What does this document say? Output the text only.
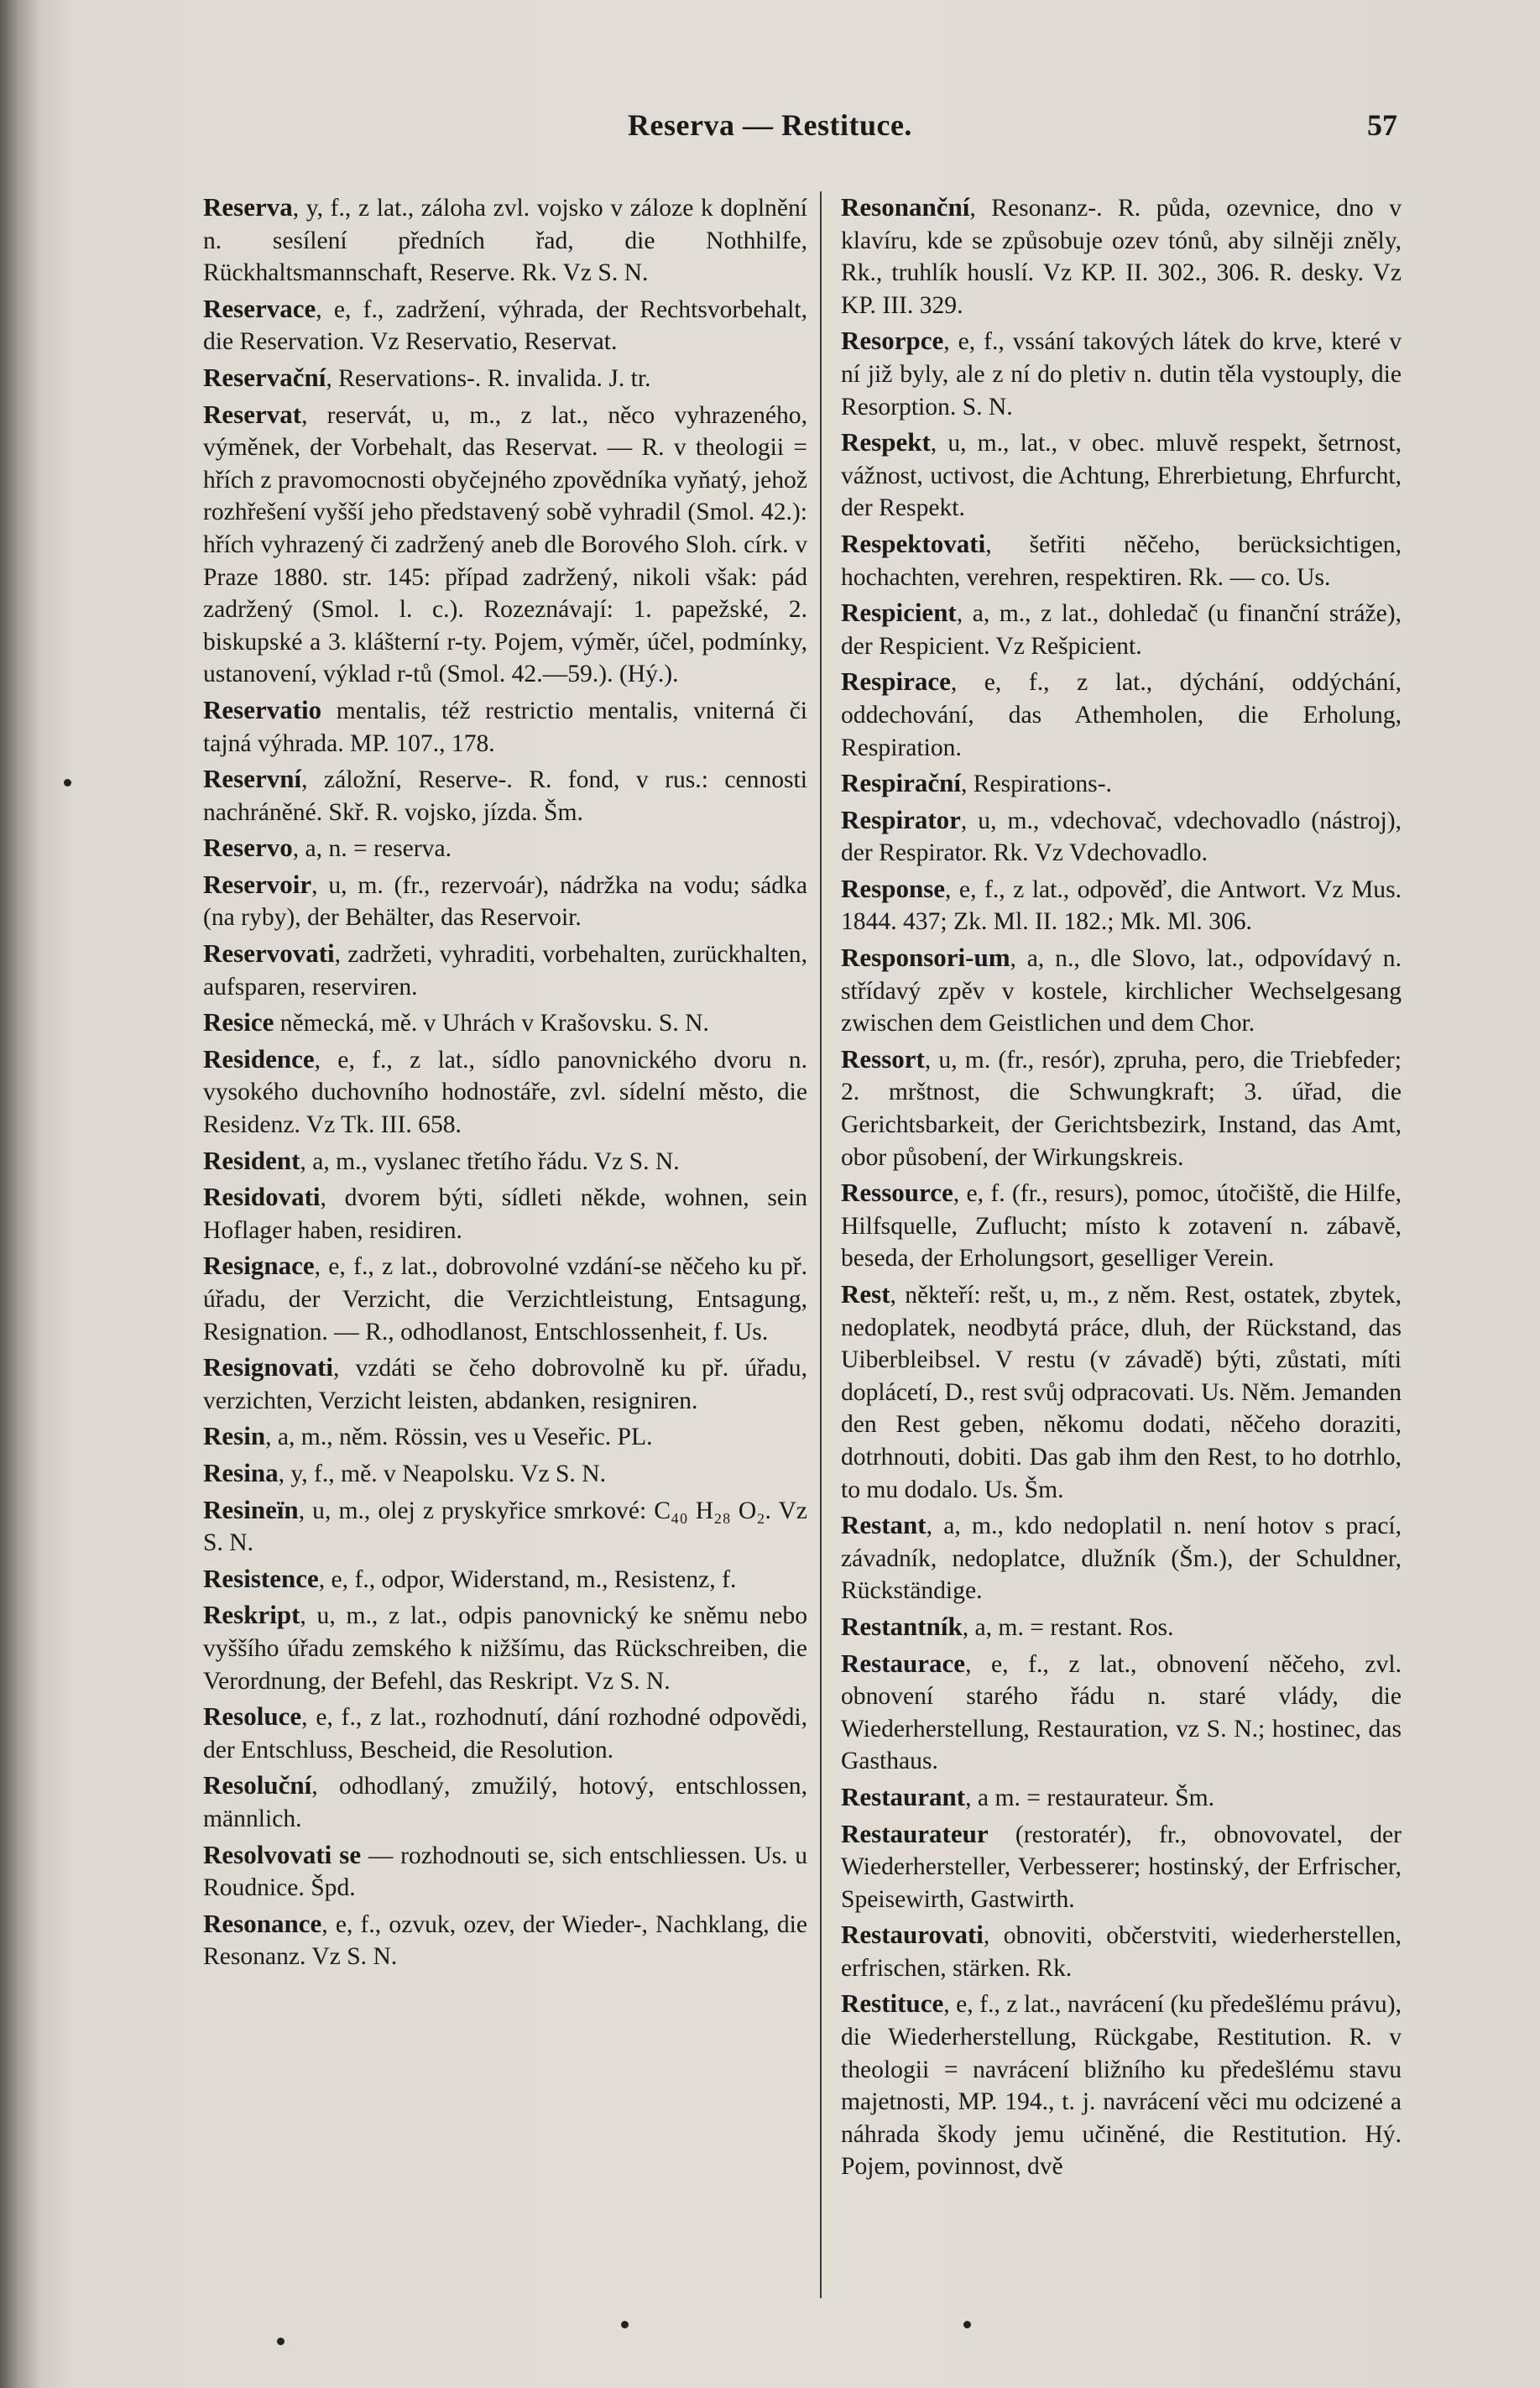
Reserva — Restituce.	57

Reserva, y, f., z lat., záloha zvl. vojsko v záloze k doplnění n. sesílení předních řad, die Nothhilfe, Rückhaltsmannschaft, Reserve. Rk. Vz S. N.

Reservace, e, f., zadržení, výhrada, der Rechtsvorbehalt, die Reservation. Vz Reservatio, Reservat.

Reservační, Reservations-. R. invalida. J. tr.

Reservat, reservát, u, m., z lat., něco vyhrazeného, výměnek, der Vorbehalt, das Reservat. — R. v theologii = hřích z pravomocnosti obyčejného zpovědníka vyňatý, jehož rozhřešení vyšší jeho představený sobě vyhradil (Smol. 42.): hřích vyhrazený či zadržený aneb dle Borového Sloh. círk. v Praze 1880. str. 145: případ zadržený, nikoli však: pád zadržený (Smol. l. c.). Rozeznávají: 1. papežské, 2. biskupské a 3. klášterní r-ty. Pojem, výměr, účel, podmínky, ustanovení, výklad r-tů (Smol. 42.—59.). (Hý.).

Reservatio mentalis, též restrictio mentalis, vniterná či tajná výhrada. MP. 107., 178.

Reservní, záložní, Reserve-. R. fond, v rus.: cennosti nachráněné. Skř. R. vojsko, jízda. Šm.

Reservo, a, n. = reserva.

Reservoir, u, m. (fr., rezervoár), nádržka na vodu; sádka (na ryby), der Behälter, das Reservoir.

Reservovati, zadržeti, vyhraditi, vorbehalten, zurückhalten, aufsparen, reserviren.

Resice německá, mě. v Uhrách v Krašovsku. S. N.

Residence, e, f., z lat., sídlo panovnického dvoru n. vysokého duchovního hodnostáře, zvl. sídelní město, die Residenz. Vz Tk. III. 658.

Resident, a, m., vyslanec třetího řádu. Vz S. N.

Residovati, dvorem býti, sídleti někde, wohnen, sein Hoflager haben, residiren.

Resignace, e, f., z lat., dobrovolné vzdání-se něčeho ku př. úřadu, der Verzicht, die Verzichtleistung, Entsagung, Resignation. — R., odhodlanost, Entschlossenheit, f. Us.

Resignovati, vzdáti se čeho dobrovolně ku př. úřadu, verzichten, Verzicht leisten, abdanken, resigniren.

Resin, a, m., něm. Rössin, ves u Veseřic. PL.

Resina, y, f., mě. v Neapolsku. Vz S. N.

Resineïn, u, m., olej z pryskyřice smrkové: C₄₀ H₂₈ O₂. Vz S. N.

Resistence, e, f., odpor, Widerstand, m., Resistenz, f.

Reskript, u, m., z lat., odpis panovnický ke sněmu nebo vyššího úřadu zemského k nižšímu, das Rückschreiben, die Verordnung, der Befehl, das Reskript. Vz S. N.

Resoluce, e, f., z lat., rozhodnutí, dání rozhodné odpovědi, der Entschluss, Bescheid, die Resolution.

Resoluční, odhodlaný, zmužilý, hotový, entschlossen, männlich.

Resolvovati se — rozhodnouti se, sich entschliessen. Us. u Roudnice. Špd.

Resonance, e, f., ozvuk, ozev, der Wieder-, Nachklang, die Resonanz. Vz S. N.

Resonanční, Resonanz-. R. půda, ozevnice, dno v klavíru, kde se způsobuje ozev tónů, aby silněji zněly, Rk., truhlík houslí. Vz KP. II. 302., 306. R. desky. Vz KP. III. 329.

Resorpce, e, f., vssání takových látek do krve, které v ní již byly, ale z ní do pletiv n. dutin těla vystouply, die Resorption. S. N.

Respekt, u, m., lat., v obec. mluvě respekt, šetrnost, vážnost, uctivost, die Achtung, Ehrerbietung, Ehrfurcht, der Respekt.

Respektovati, šetřiti něčeho, berücksichtigen, hochachten, verehren, respektiren. Rk. — co. Us.

Respicient, a, m., z lat., dohledač (u finanční stráže), der Respicient. Vz Rešpicient.

Respirace, e, f., z lat., dýchání, oddýchání, oddechování, das Athemholen, die Erholung, Respiration.

Respirační, Respirations-.

Respirator, u, m., vdechovač, vdechovadlo (nástroj), der Respirator. Rk. Vz Vdechovadlo.

Response, e, f., z lat., odpověď, die Antwort. Vz Mus. 1844. 437; Zk. Ml. II. 182.; Mk. Ml. 306.

Responsori-um, a, n., dle Slovo, lat., odpovídavý n. střídavý zpěv v kostele, kirchlicher Wechselgesang zwischen dem Geistlichen und dem Chor.

Ressort, u, m. (fr., resór), zpruha, pero, die Triebfeder; 2. mrštnost, die Schwungkraft; 3. úřad, die Gerichtsbarkeit, der Gerichtsbezirk, Instand, das Amt, obor působení, der Wirkungskreis.

Ressource, e, f. (fr., resurs), pomoc, útočiště, die Hilfe, Hilfsquelle, Zuflucht; místo k zotavení n. zábavě, beseda, der Erholungsort, geselliger Verein.

Rest, někteří: rešt, u, m., z něm. Rest, ostatek, zbytek, nedoplatek, neodbytá práce, dluh, der Rückstand, das Uiberbleibsel. V restu (v závadě) býti, zůstati, míti doplácetí, D., rest svůj odpracovati. Us. Něm. Jemanden den Rest geben, někomu dodati, něčeho doraziti, dotrhnouti, dobiti. Das gab ihm den Rest, to ho dotrhlo, to mu dodalo. Us. Šm.

Restant, a, m., kdo nedoplatil n. není hotov s prací, závadník, nedoplatce, dlužník (Šm.), der Schuldner, Rückständige.

Restantník, a, m. = restant. Ros.

Restaurace, e, f., z lat., obnovení něčeho, zvl. obnovení starého řádu n. staré vlády, die Wiederherstellung, Restauration, vz S. N.; hostinec, das Gasthaus.

Restaurant, a m. = restaurateur. Šm.

Restaurateur (restoratér), fr., obnovovatel, der Wiederhersteller, Verbesserer; hostinský, der Erfrischer, Speisewirth, Gastwirth.

Restaurovati, obnoviti, občerstviti, wiederherstellen, erfrischen, stärken. Rk.

Restituce, e, f., z lat., navrácení (ku předešlému právu), die Wiederherstellung, Rückgabe, Restitution. R. v theologii = navrácení bližního ku předešlému stavu majetnosti, MP. 194., t. j. navrácení věci mu odcizené a náhrada škody jemu učiněné, die Restitution. Hý. Pojem, povinnost, dvě
